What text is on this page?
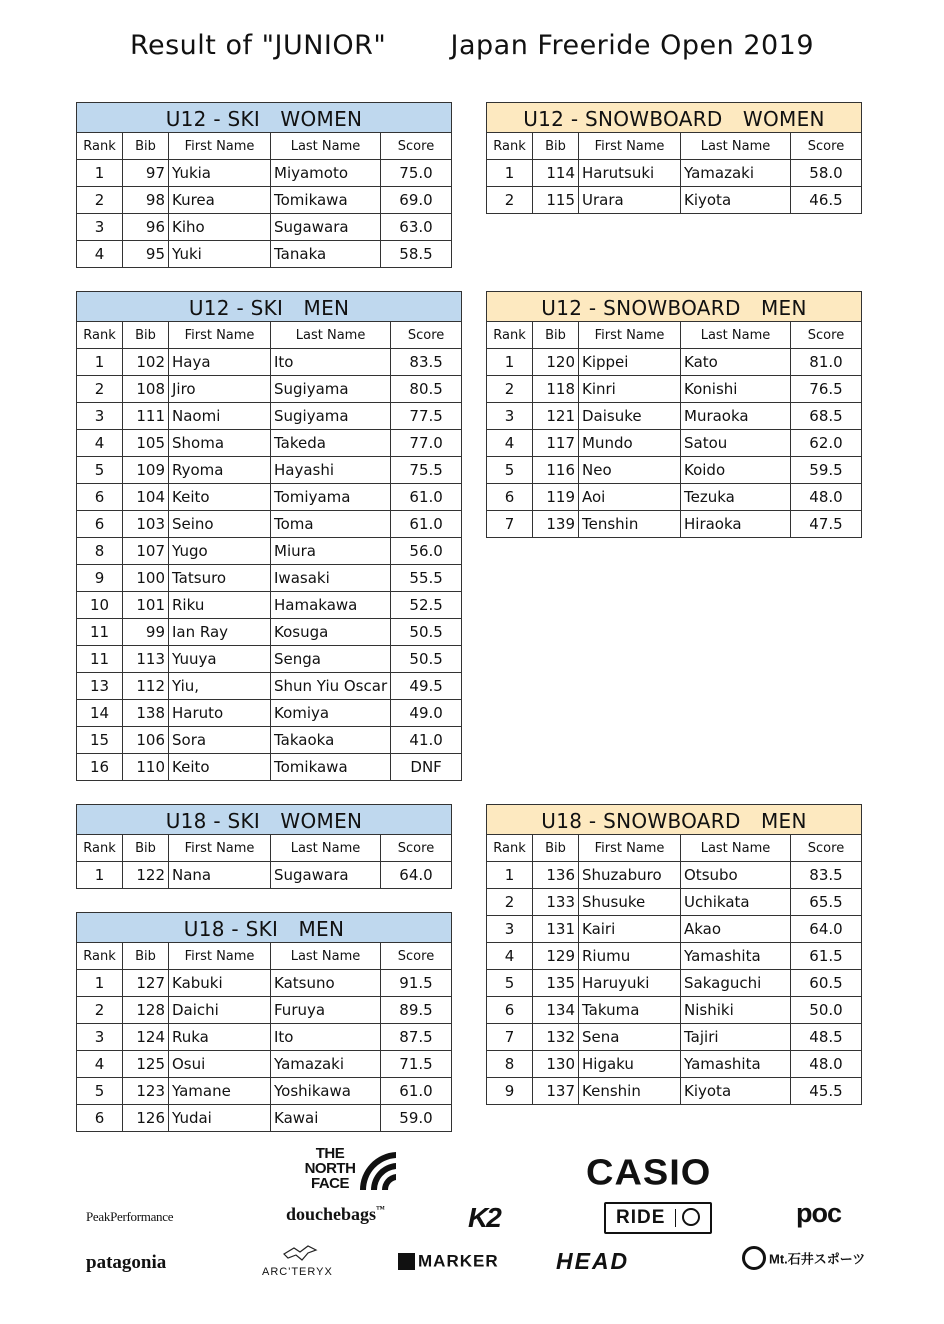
Result of "JUNIOR" Japan Freeride Open 2019
U12 - SKI　WOMEN				
Rank	Bib	First Name	Last Name	Score
1	97	Yukia	Miyamoto	75.0
2	98	Kurea	Tomikawa	69.0
3	96	Kiho	Sugawara	63.0
4	95	Yuki	Tanaka	58.5
U12 - SNOWBOARD　WOMEN				
Rank	Bib	First Name	Last Name	Score
1	114	Harutsuki	Yamazaki	58.0
2	115	Urara	Kiyota	46.5
U12 - SKI　MEN				
Rank	Bib	First Name	Last Name	Score
1	102	Haya	Ito	83.5
2	108	Jiro	Sugiyama	80.5
3	111	Naomi	Sugiyama	77.5
4	105	Shoma	Takeda	77.0
5	109	Ryoma	Hayashi	75.5
6	104	Keito	Tomiyama	61.0
6	103	Seino	Toma	61.0
8	107	Yugo	Miura	56.0
9	100	Tatsuro	Iwasaki	55.5
10	101	Riku	Hamakawa	52.5
11	99	Ian Ray	Kosuga	50.5
11	113	Yuuya	Senga	50.5
13	112	Yiu,	Shun Yiu Oscar	49.5
14	138	Haruto	Komiya	49.0
15	106	Sora	Takaoka	41.0
16	110	Keito	Tomikawa	DNF
U12 - SNOWBOARD　MEN				
Rank	Bib	First Name	Last Name	Score
1	120	Kippei	Kato	81.0
2	118	Kinri	Konishi	76.5
3	121	Daisuke	Muraoka	68.5
4	117	Mundo	Satou	62.0
5	116	Neo	Koido	59.5
6	119	Aoi	Tezuka	48.0
7	139	Tenshin	Hiraoka	47.5
U18 - SKI　WOMEN				
Rank	Bib	First Name	Last Name	Score
1	122	Nana	Sugawara	64.0
U18 - SKI　MEN				
Rank	Bib	First Name	Last Name	Score
1	127	Kabuki	Katsuno	91.5
2	128	Daichi	Furuya	89.5
3	124	Ruka	Ito	87.5
4	125	Osui	Yamazaki	71.5
5	123	Yamane	Yoshikawa	61.0
6	126	Yudai	Kawai	59.0
U18 - SNOWBOARD　MEN				
Rank	Bib	First Name	Last Name	Score
1	136	Shuzaburo	Otsubo	83.5
2	133	Shusuke	Uchikata	65.5
3	131	Kairi	Akao	64.0
4	129	Riumu	Yamashita	61.5
5	135	Haruyuki	Sakaguchi	60.5
6	134	Takuma	Nishiki	50.0
7	132	Sena	Tajiri	48.5
8	130	Higaku	Yamashita	48.0
9	137	Kenshin	Kiyota	45.5
THE
NORTH
FACE	CASIO
PeakPerformance	douchebags™	K2	RIDE	poc
patagonia	ARC'TERYX
MARKER HEAD	Mt.石井スポーツ
